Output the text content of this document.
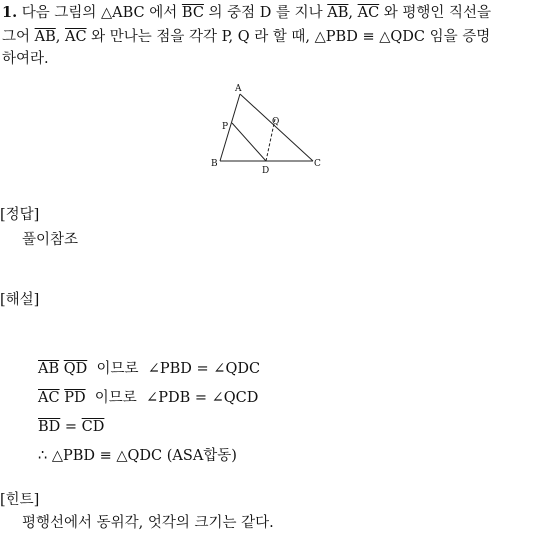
1. 다음 그림의 △ABC 에서 $\overline{BC}$ 의 중점 D 를 지나 $\overline{AB}$, $\overline{AC}$ 와 평행인 직선을
그어 $\overline{AB}$, $\overline{AC}$ 와 만나는 점을 각각 P, Q 라 할 때, △PBD ≡ △QDC 임을 증명
하여라.
A
B	C
D
P	Q
[정답]
풀이참조
[해설]
$\overline{AB}$ $\overline{QD}$  이므로  ∠PBD = ∠QDC
$\overline{AC}$ $\overline{PD}$  이므로  ∠PDB = ∠QCD
$\overline{BD} = \overline{CD}$
∴ △PBD ≡ △QDC (ASA합동)
[힌트]
평행선에서 동위각, 엇각의 크기는 같다.
